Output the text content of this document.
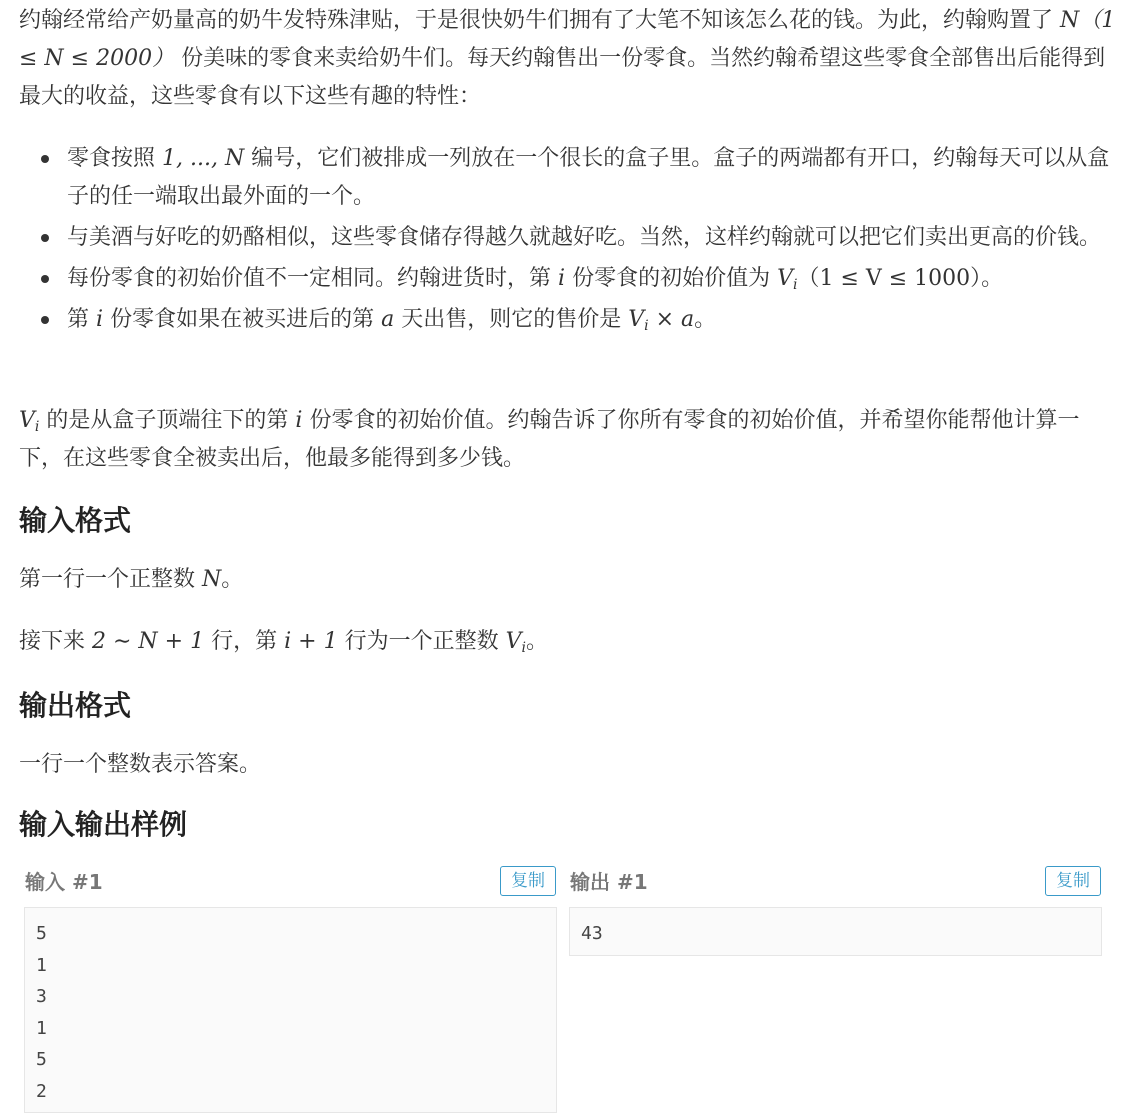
约翰经常给产奶量高的奶牛发特殊津贴，于是很快奶牛们拥有了大笔不知该怎么花的钱。为此，约翰购置了 N（1 ≤ N ≤ 2000） 份美味的零食来卖给奶牛们。每天约翰售出一份零食。当然约翰希望这些零食全部售出后能得到最大的收益，这些零食有以下这些有趣的特性：

零食按照 1, ..., N 编号，它们被排成一列放在一个很长的盒子里。盒子的两端都有开口，约翰每天可以从盒子的任一端取出最外面的一个。
与美酒与好吃的奶酪相似，这些零食储存得越久就越好吃。当然，这样约翰就可以把它们卖出更高的价钱。
每份零食的初始价值不一定相同。约翰进货时，第 i 份零食的初始价值为 $V_i(1 \le V \le 1000)$。
第 i 份零食如果在被买进后的第 a 天出售，则它的售价是 $V_i \times a$。

$V_i$ 的是从盒子顶端往下的第 i 份零食的初始价值。约翰告诉了你所有零食的初始价值，并希望你能帮他计算一下，在这些零食全被卖出后，他最多能得到多少钱。

输入格式

第一行一个正整数 N。

接下来 2 ∼ N + 1 行，第 i + 1 行为一个正整数 $V_i$。

输出格式

一行一个整数表示答案。

输入输出样例
输入 #1	复制
5
1
3
1
5
2
输出 #1	复制
43
